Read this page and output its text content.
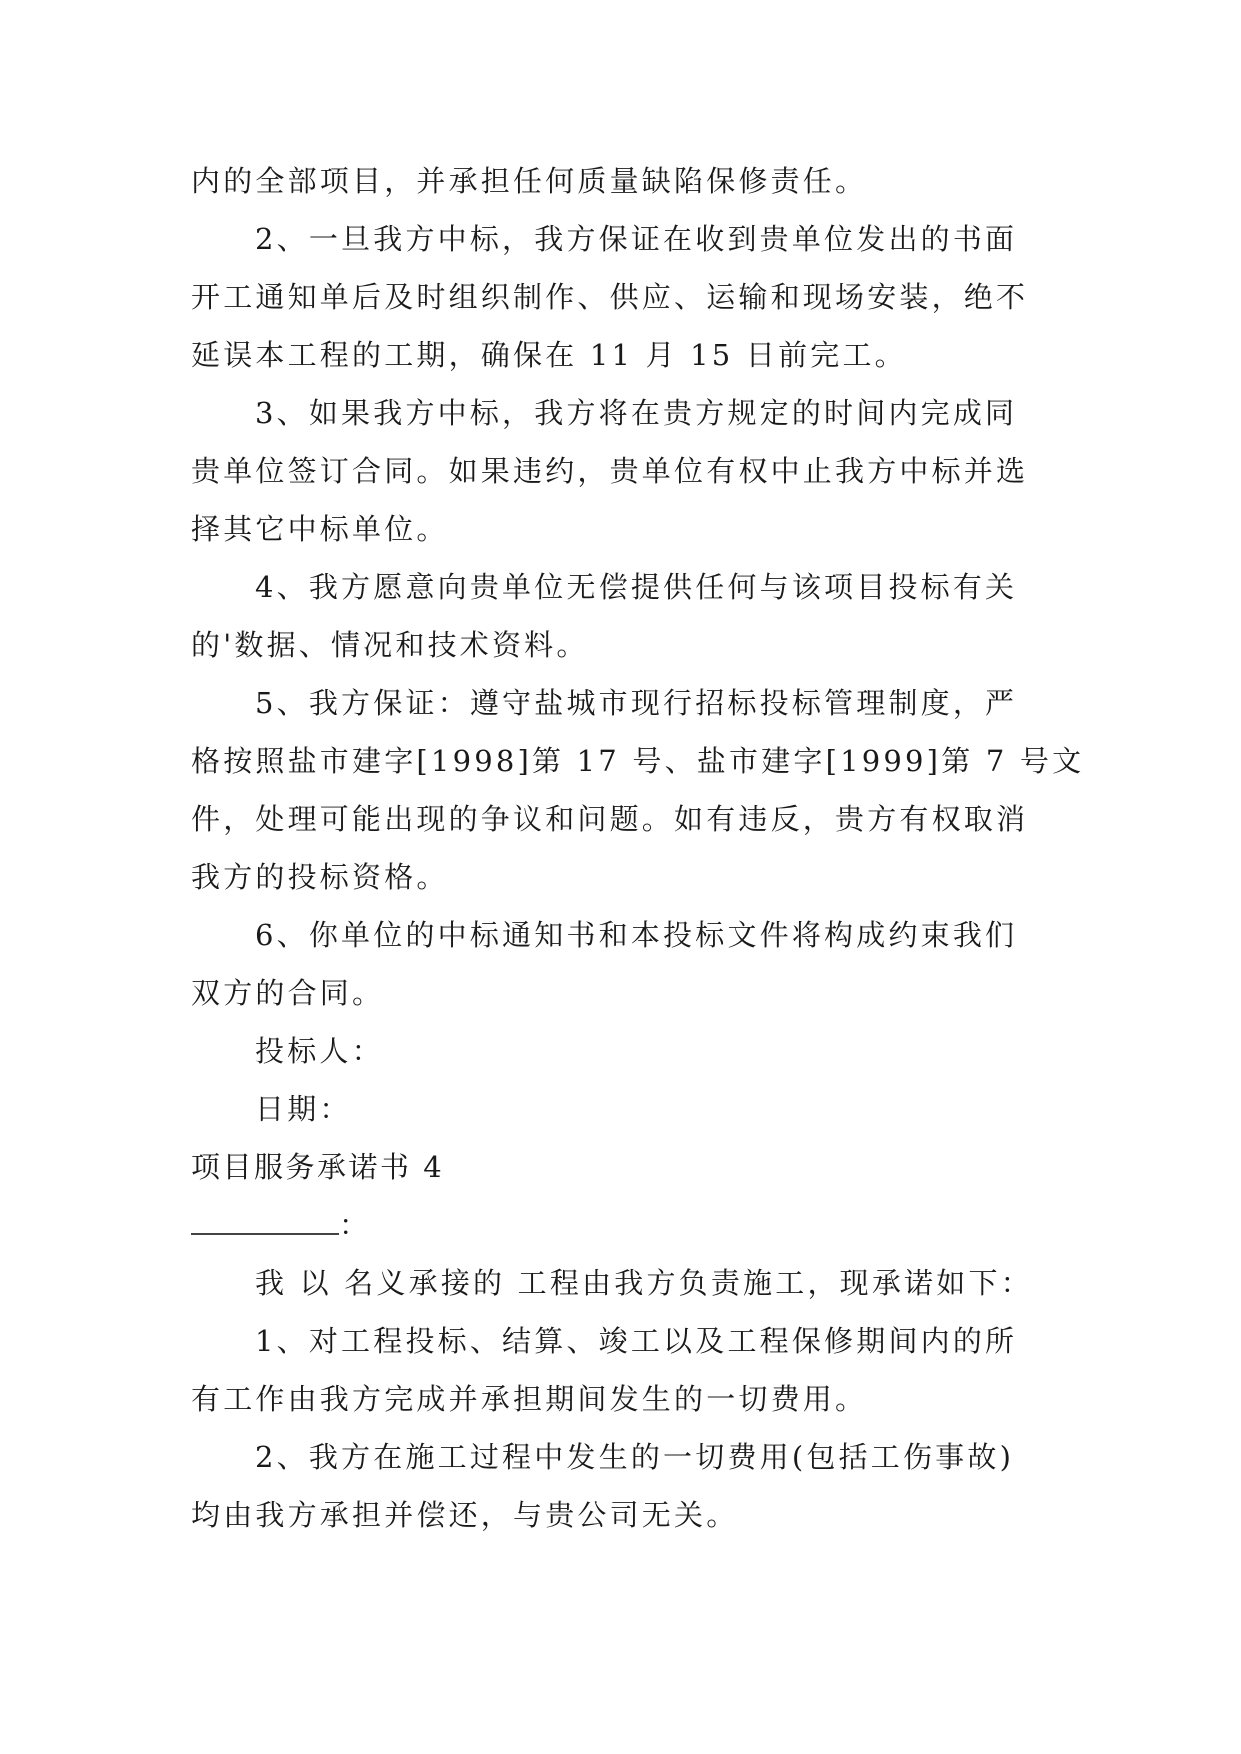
内的全部项目，并承担任何质量缺陷保修责任。
2、一旦我方中标，我方保证在收到贵单位发出的书面
开工通知单后及时组织制作、供应、运输和现场安装，绝不
延误本工程的工期，确保在 11 月 15 日前完工。
3、如果我方中标，我方将在贵方规定的时间内完成同
贵单位签订合同。如果违约，贵单位有权中止我方中标并选
择其它中标单位。
4、我方愿意向贵单位无偿提供任何与该项目投标有关
的'数据、情况和技术资料。
5、我方保证：遵守盐城市现行招标投标管理制度，严
格按照盐市建字[1998]第 17 号、盐市建字[1999]第 7 号文
件，处理可能出现的争议和问题。如有违反，贵方有权取消
我方的投标资格。
6、你单位的中标通知书和本投标文件将构成约束我们
双方的合同。
投标人：
日期：
项目服务承诺书 4
：
我 以 名义承接的 工程由我方负责施工，现承诺如下：
1、对工程投标、结算、竣工以及工程保修期间内的所
有工作由我方完成并承担期间发生的一切费用。
2、我方在施工过程中发生的一切费用(包括工伤事故)
均由我方承担并偿还，与贵公司无关。
